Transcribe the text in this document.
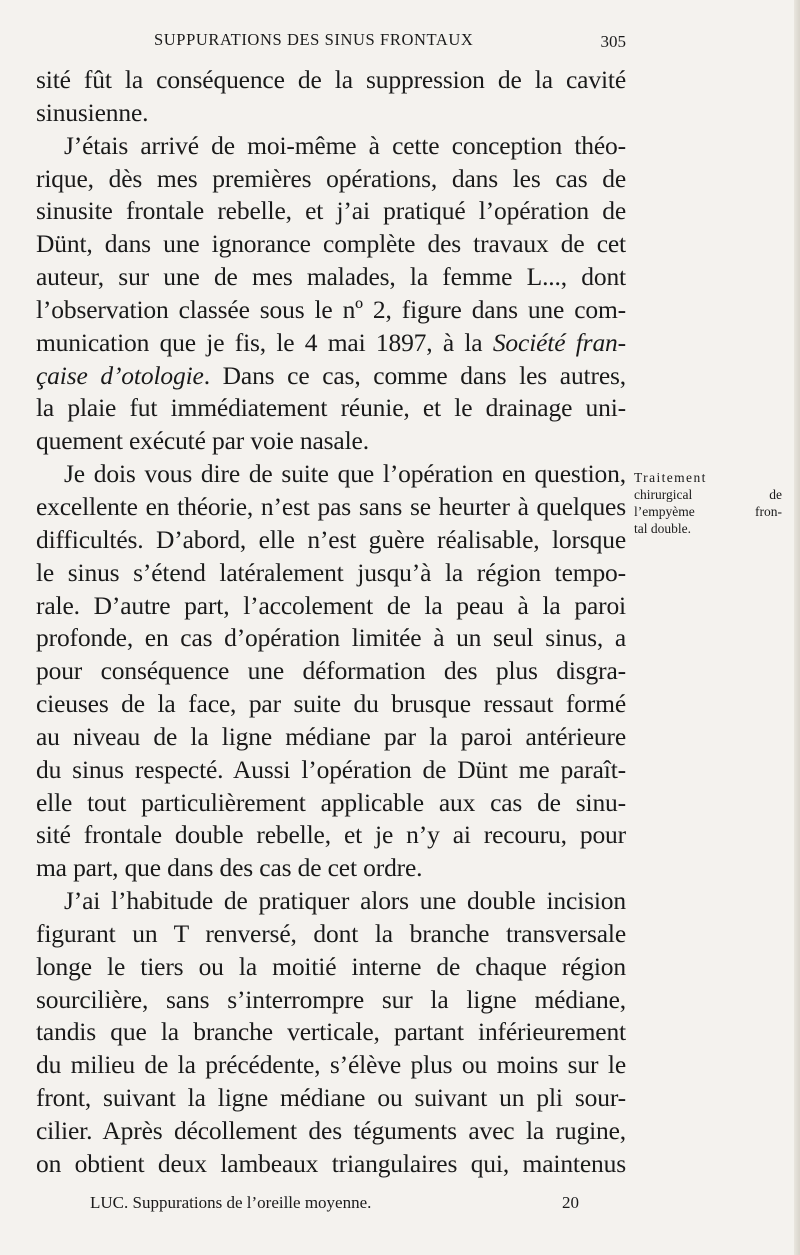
SUPPURATIONS DES SINUS FRONTAUX	305
sité fût la conséquence de la suppression de la cavité
sinusienne.
J’étais arrivé de moi-même à cette conception théo-
rique, dès mes premières opérations, dans les cas de
sinusite frontale rebelle, et j’ai pratiqué l’opération de
Dünt, dans une ignorance complète des travaux de cet
auteur, sur une de mes malades, la femme L..., dont
l’observation classée sous le nº 2, figure dans une com-
munication que je fis, le 4 mai 1897, à la Société fran-
çaise d’otologie. Dans ce cas, comme dans les autres,
la plaie fut immédiatement réunie, et le drainage uni-
quement exécuté par voie nasale.
Je dois vous dire de suite que l’opération en question,
excellente en théorie, n’est pas sans se heurter à quelques
difficultés. D’abord, elle n’est guère réalisable, lorsque
le sinus s’étend latéralement jusqu’à la région tempo-
rale. D’autre part, l’accolement de la peau à la paroi
profonde, en cas d’opération limitée à un seul sinus, a
pour conséquence une déformation des plus disgra-
cieuses de la face, par suite du brusque ressaut formé
au niveau de la ligne médiane par la paroi antérieure
du sinus respecté. Aussi l’opération de Dünt me paraît-
elle tout particulièrement applicable aux cas de sinu-
sité frontale double rebelle, et je n’y ai recouru, pour
ma part, que dans des cas de cet ordre.
J’ai l’habitude de pratiquer alors une double incision
figurant un T renversé, dont la branche transversale
longe le tiers ou la moitié interne de chaque région
sourcilière, sans s’interrompre sur la ligne médiane,
tandis que la branche verticale, partant inférieurement
du milieu de la précédente, s’élève plus ou moins sur le
front, suivant la ligne médiane ou suivant un pli sour-
cilier. Après décollement des téguments avec la rugine,
on obtient deux lambeaux triangulaires qui, maintenus
Traitement
chirurgical de
l’empyème fron-
tal double.
LUC. Suppurations de l’oreille moyenne.	20
